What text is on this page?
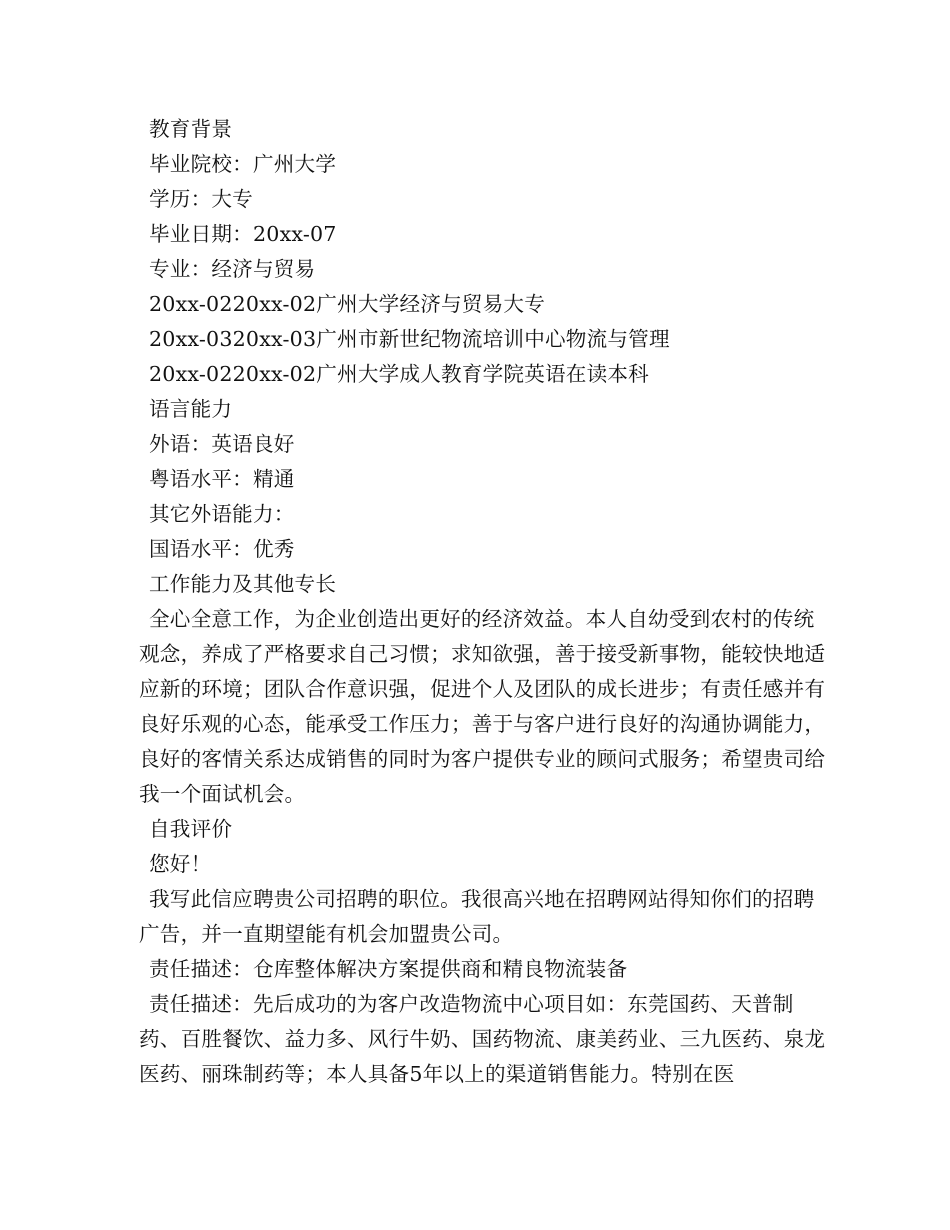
教育背景
毕业院校：广州大学
学历：大专
毕业日期：20xx-07
专业：经济与贸易
20xx-0220xx-02广州大学经济与贸易大专
20xx-0320xx-03广州市新世纪物流培训中心物流与管理
20xx-0220xx-02广州大学成人教育学院英语在读本科
语言能力
外语：英语良好
粤语水平：精通
其它外语能力：
国语水平：优秀
工作能力及其他专长
全心全意工作，为企业创造出更好的经济效益。本人自幼受到农村的传统观念，养成了严格要求自己习惯；求知欲强，善于接受新事物，能较快地适应新的环境；团队合作意识强，促进个人及团队的成长进步；有责任感并有良好乐观的心态，能承受工作压力；善于与客户进行良好的沟通协调能力，良好的客情关系达成销售的同时为客户提供专业的顾问式服务；希望贵司给我一个面试机会。
自我评价
您好！
我写此信应聘贵公司招聘的职位。我很高兴地在招聘网站得知你们的招聘广告，并一直期望能有机会加盟贵公司。
责任描述：仓库整体解决方案提供商和精良物流装备
责任描述：先后成功的为客户改造物流中心项目如：东莞国药、天普制药、百胜餐饮、益力多、风行牛奶、国药物流、康美药业、三九医药、泉龙医药、丽珠制药等；本人具备5年以上的渠道销售能力。特别在医
